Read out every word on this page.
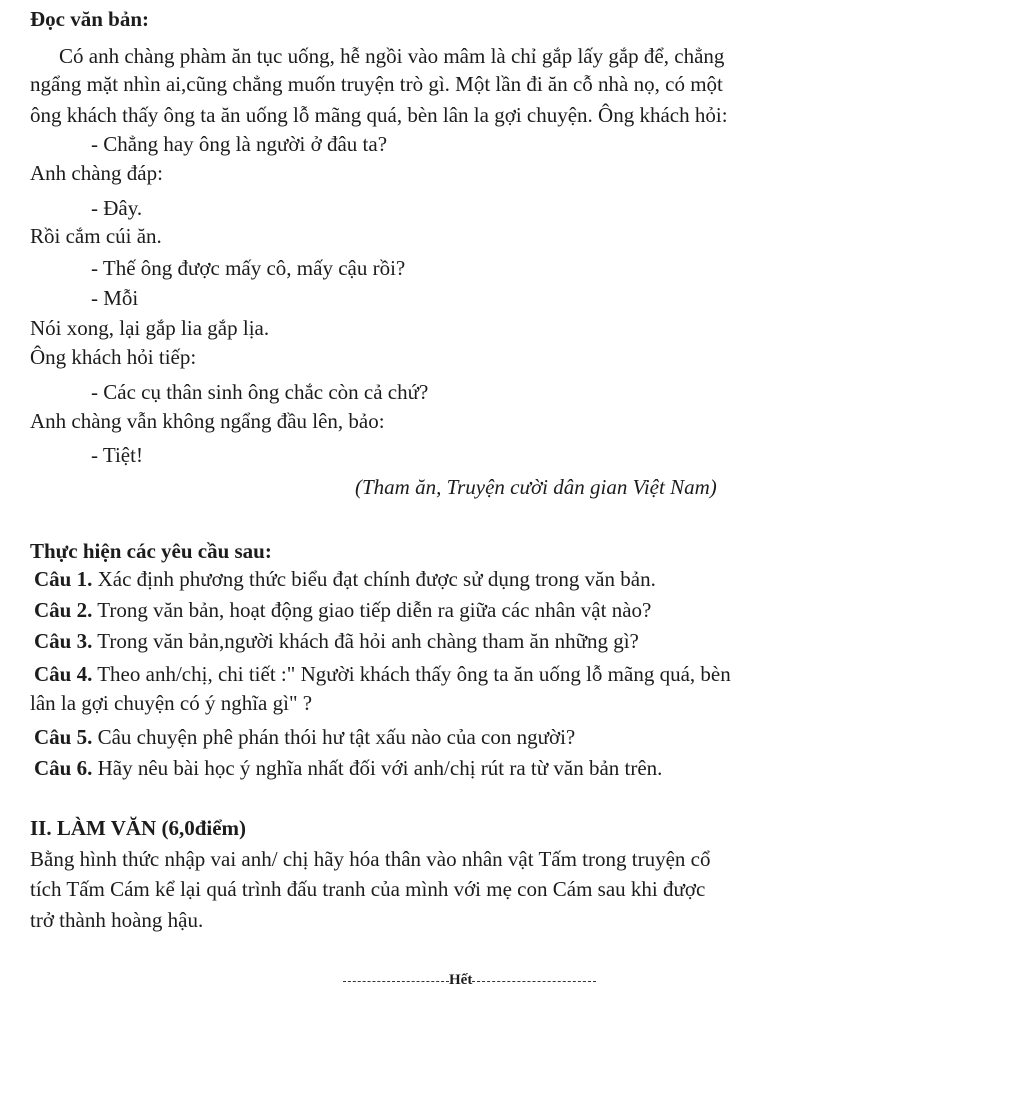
Đọc văn bản:
Có anh chàng phàm ăn tục uống, hễ ngồi vào mâm là chỉ gắp lấy gắp để, chẳng
ngẩng mặt nhìn ai,cũng chẳng muốn truyện trò gì. Một lần đi ăn cỗ nhà nọ, có một
ông khách thấy ông ta ăn uống lỗ mãng quá, bèn lân la gợi chuyện. Ông khách hỏi:
- Chẳng hay ông là người ở đâu ta?
Anh chàng đáp:
- Đây.
Rồi cắm cúi ăn.
- Thế ông được mấy cô, mấy cậu rồi?
- Mỗi
Nói xong, lại gắp lia gắp lịa.
Ông khách hỏi tiếp:
- Các cụ thân sinh ông chắc còn cả chứ?
Anh chàng vẫn không ngẩng đầu lên, bảo:
- Tiệt!
(Tham ăn, Truyện cười dân gian Việt Nam)
Thực hiện các yêu cầu sau:
Câu 1. Xác định phương thức biểu đạt chính được sử dụng trong văn bản.
Câu 2. Trong văn bản, hoạt động giao tiếp diễn ra giữa các nhân vật nào?
Câu 3. Trong văn bản,người khách đã hỏi anh chàng tham ăn những gì?
Câu 4. Theo anh/chị, chi tiết :" Người khách thấy ông ta ăn uống lỗ mãng quá, bèn
lân la gợi chuyện có ý nghĩa gì" ?
Câu 5. Câu chuyện phê phán thói hư tật xấu nào của con người?
Câu 6. Hãy nêu bài học ý nghĩa nhất đối với anh/chị rút ra từ văn bản trên.
II. LÀM VĂN (6,0điểm)
Bằng hình thức nhập vai anh/ chị hãy hóa thân vào nhân vật Tấm trong truyện cổ
tích Tấm Cám kể lại quá trình đấu tranh của mình với mẹ con Cám sau khi được
trở thành hoàng hậu.
Hết
